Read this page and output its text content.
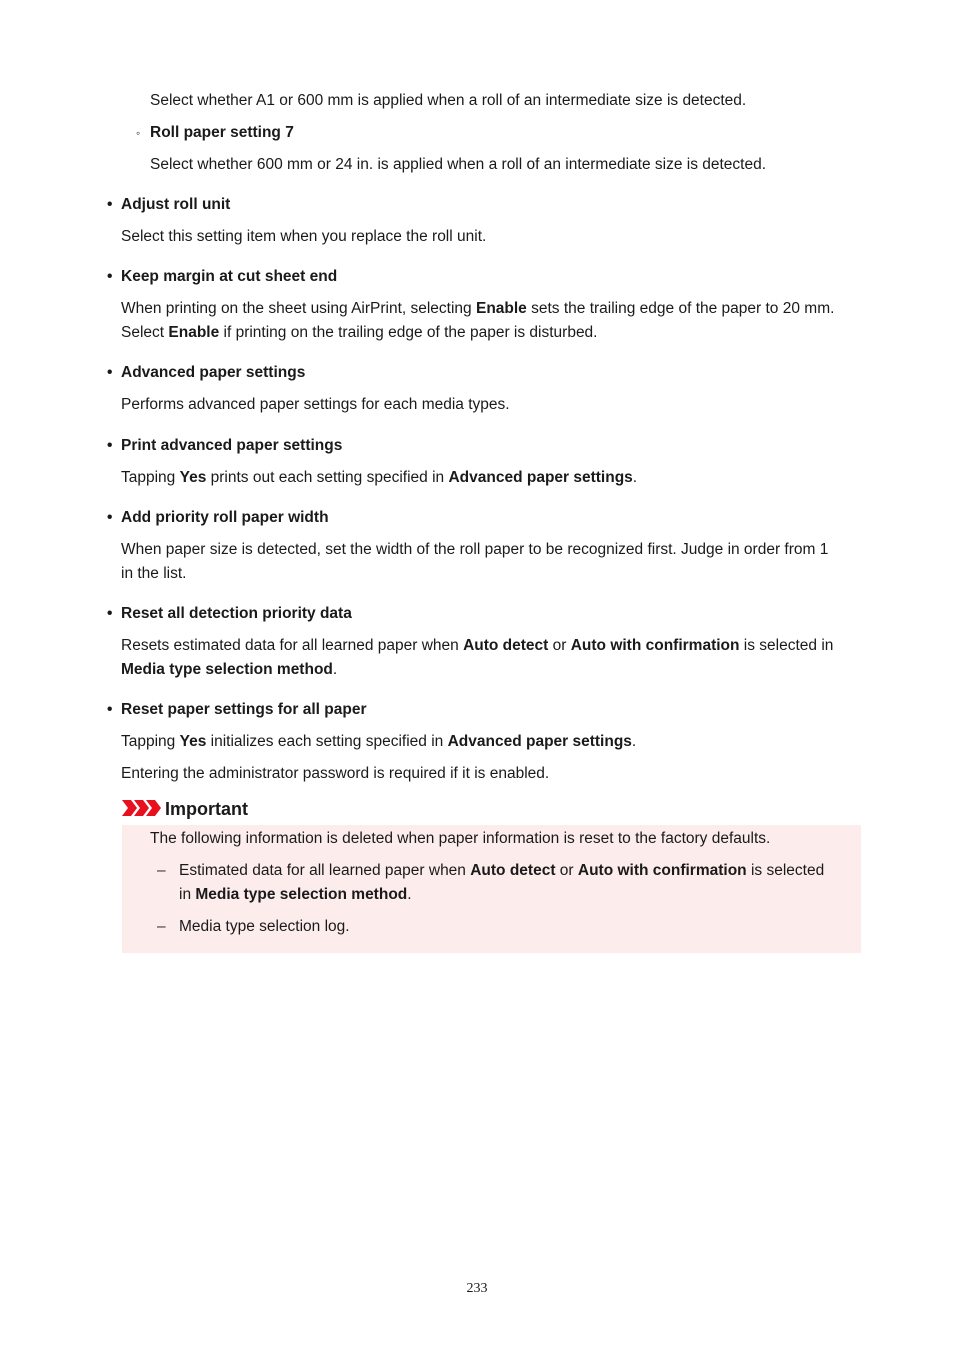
Select whether A1 or 600 mm is applied when a roll of an intermediate size is detected.
◦ Roll paper setting 7
Select whether 600 mm or 24 in. is applied when a roll of an intermediate size is detected.
• Adjust roll unit
Select this setting item when you replace the roll unit.
• Keep margin at cut sheet end
When printing on the sheet using AirPrint, selecting Enable sets the trailing edge of the paper to 20 mm.
Select Enable if printing on the trailing edge of the paper is disturbed.
• Advanced paper settings
Performs advanced paper settings for each media types.
• Print advanced paper settings
Tapping Yes prints out each setting specified in Advanced paper settings.
• Add priority roll paper width
When paper size is detected, set the width of the roll paper to be recognized first. Judge in order from 1
in the list.
• Reset all detection priority data
Resets estimated data for all learned paper when Auto detect or Auto with confirmation is selected in
Media type selection method.
• Reset paper settings for all paper
Tapping Yes initializes each setting specified in Advanced paper settings.
Entering the administrator password is required if it is enabled.
Important
The following information is deleted when paper information is reset to the factory defaults.
– Estimated data for all learned paper when Auto detect or Auto with confirmation is selected
in Media type selection method.
– Media type selection log.
233
